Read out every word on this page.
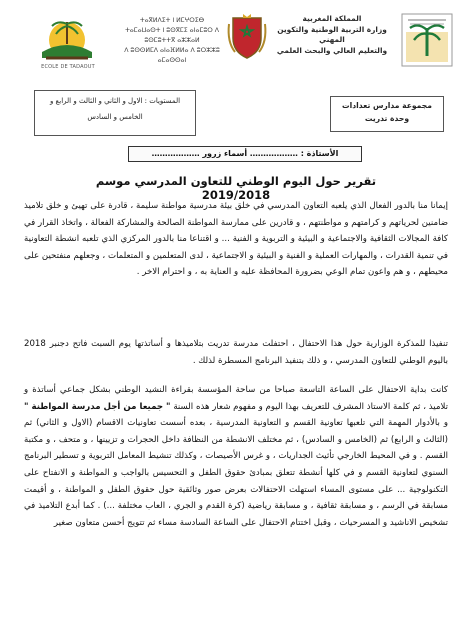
ECOLE DE TADAOUT
ⵜⴰⴳⵍⴷⵉⵜ ⵏ ⵍⵎⵖⵔⵉⴱ
ⵜⴰⵎⴰⵡⴰⵙⵜ ⵏ ⵓⵙⴳⵎⵉ ⴰⵏⴰⵎⵓⵔ ⴷ ⵓⵙⵎⵓⵜⵜⴳ ⴰⵣⵣⴰⵍ
ⴷ ⵓⵙⵙⵍⵎⴷ ⴰⵏⴰⴼⵍⵍⴰ ⴷ ⵓⵔⵣⵣⵓ ⴰⵎⴰⵙⵙⴰⵏ
المملكة المغربية
وزارة التربية الوطنية والتكوين المهني
والتعليم العالي والبحث العلمي
المستويات : الاول و الثاني و الثالث و الرابع و
الخامس و السادس
مجموعة مدارس تعدادات
وحدة تدريت
الأستاذة : ……………… أسماء زرور ………………
تقرير حول اليوم الوطني للتعاون المدرسي موسم 2019/2018
إيمانا منا بالدور الفعال الذي يلعبه التعاون المدرسي في خلق بيئة مدرسية مواطنة سليمة ، قادرة على تهيئ و خلق تلاميذ ضامنين لحرياتهم و كرامتهم و مواطنتهم ، و قادرين على ممارسة المواطنة الصالحة والمشاركة الفعالة ، واتخاذ القرار في كافة المجالات الثقافية والاجتماعية و البيئية و التربوية و الفنية ... و اقتناعا منا بالدور المركزي الذي تلعبه انشطة التعاونية في تنمية القدرات ، والمهارات العملية و الفنية و البيئية و الاجتماعية ، لدى المتعلمين و المتعلمات ، وجعلهم منفتحين على محيطهم ، و هم واعون تمام الوعي بضرورة المحافظة عليه و العناية به ، و احترام الاخر .
تنفيذا للمذكرة الوزارية حول هذا الاحتفال ، احتفلت مدرسة تدريت بتلاميذها و أساتذتها يوم السبت فاتح دجنبر 2018 باليوم الوطني للتعاون المدرسي ، و ذلك بتنفيذ البرنامج المسطرة لذلك .
كانت بداية الاحتفال على الساعة التاسعة صباحا من ساحة المؤسسة بقراءة النشيد الوطني بشكل جماعي أساتذة و تلاميذ ، ثم كلمة الاستاذ المشرف للتعريف بهذا اليوم و مفهوم شعار هذه السنة " جميعا من أجل مدرسة المواطنة " و بالأدوار المهمة التي تلعبها تعاونية القسم و التعاونية المدرسية ، بعده أسست تعاونيات الاقسام (الاول و الثاني) ثم (الثالث و الرابع) ثم (الخامس و السادس) ، ثم مختلف الانشطة من النظافة داخل الحجرات و تزيينها ، و متحف ، و مكتبة القسم . و في المحيط الخارجي تأثيث الجداريات ، و غرس الأصيصات ، وكذلك تنشيط المعامل التربوية و تسطير البرنامج السنوي لتعاونية القسم و في كلها أنشطة تتعلق بمبادئ حقوق الطفل و التحسيس بالواجب و المواطنة و الانفتاح على التكنولوجية ... على مستوى المساء استهلت الاحتفالات بعرض صور وثائقية حول حقوق الطفل و المواطنة ، و أقيمت مسابقة في الرسم ، و مسابقة ثقافية ، و مسابقة رياضية (كرة القدم و الجري ، العاب مختلفة ...) . كما أبدع التلاميذ في تشخيص الاناشيد و المسرحيات ، وقبل اختتام الاحتفال على الساعة السادسة مساء ثم تتويج أحسن متعاون صغير
